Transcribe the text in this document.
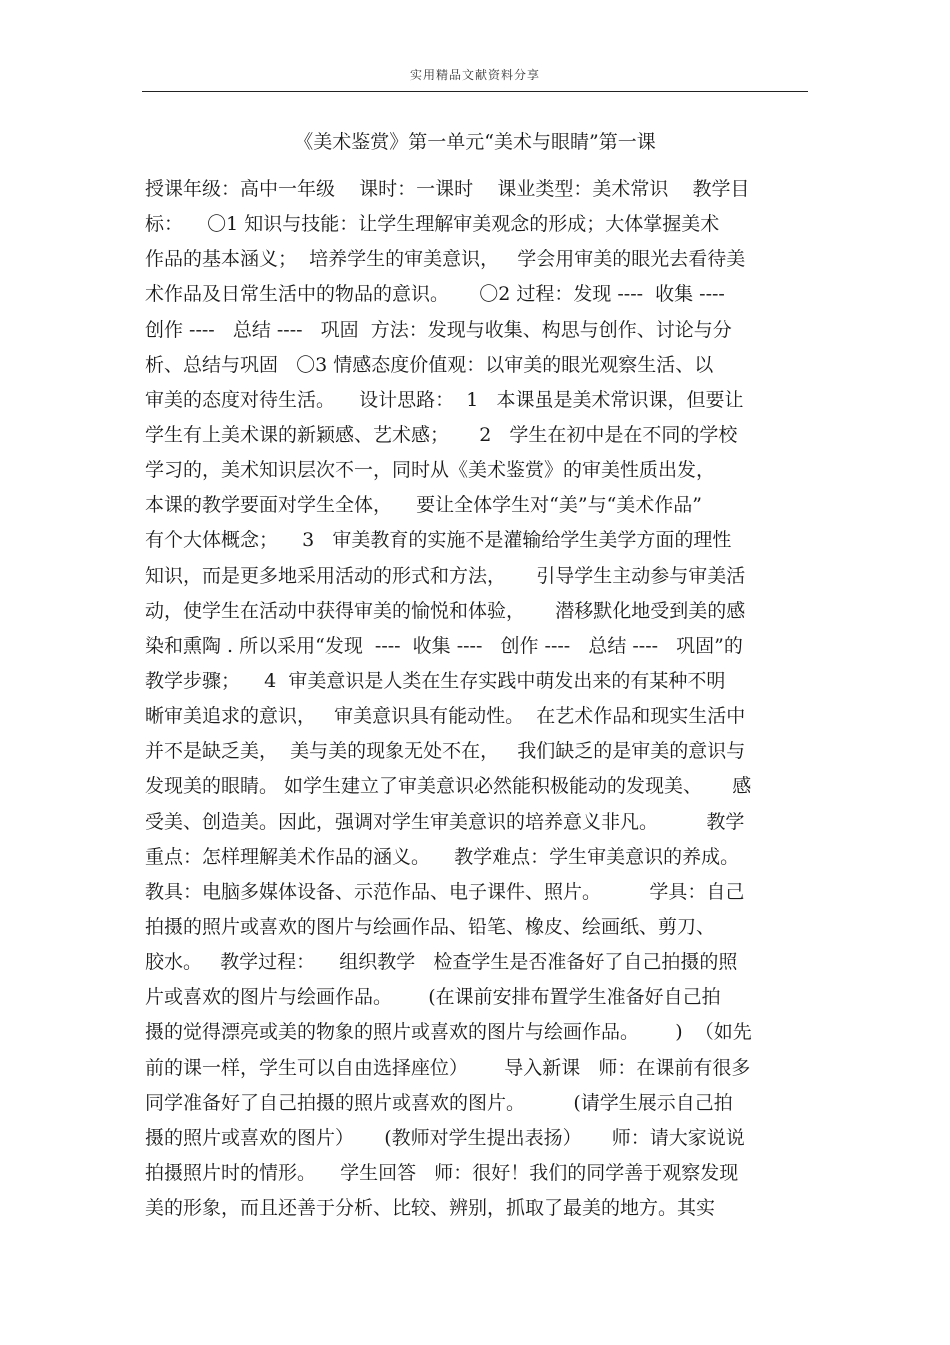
实用精品文献资料分享
《美术鉴赏》第一单元“美术与眼睛”第一课
授课年级：高中一年级    课时：一课时    课业类型：美术常识    教学目
标：    〇1 知识与技能：让学生理解审美观念的形成；大体掌握美术
作品的基本涵义；  培养学生的审美意识，   学会用审美的眼光去看待美
术作品及日常生活中的物品的意识。     〇2 过程：发现 ----  收集 ----
创作 ----   总结 ----   巩固  方法：发现与收集、构思与创作、讨论与分
析、总结与巩固   〇3 情感态度价值观：以审美的眼光观察生活、以
审美的态度对待生活。    设计思路：  1   本课虽是美术常识课，但要让
学生有上美术课的新颖感、艺术感；     2   学生在初中是在不同的学校
学习的，美术知识层次不一，同时从《美术鉴赏》的审美性质出发，
本课的教学要面对学生全体，    要让全体学生对“美”与“美术作品”
有个大体概念；    3   审美教育的实施不是灌输给学生美学方面的理性
知识，而是更多地采用活动的形式和方法，     引导学生主动参与审美活
动，使学生在活动中获得审美的愉悦和体验，     潜移默化地受到美的感
染和熏陶 . 所以采用“发现  ----  收集 ----   创作 ----   总结 ----   巩固”的
教学步骤；    4  审美意识是人类在生存实践中萌发出来的有某种不明
晰审美追求的意识，   审美意识具有能动性。  在艺术作品和现实生活中
并不是缺乏美，  美与美的现象无处不在，   我们缺乏的是审美的意识与
发现美的眼睛。 如学生建立了审美意识必然能积极能动的发现美、     感
受美、创造美。因此，强调对学生审美意识的培养意义非凡。        教学
重点：怎样理解美术作品的涵义。    教学难点：学生审美意识的养成。
教具：电脑多媒体设备、示范作品、电子课件、照片。        学具：自己
拍摄的照片或喜欢的图片与绘画作品、铅笔、橡皮、绘画纸、剪刀、
胶水。   教学过程：    组织教学   检查学生是否准备好了自己拍摄的照
片或喜欢的图片与绘画作品。      (在课前安排布置学生准备好自己拍
摄的觉得漂亮或美的物象的照片或喜欢的图片与绘画作品。      )  （如先
前的课一样，学生可以自由选择座位）      导入新课   师：在课前有很多
同学准备好了自己拍摄的照片或喜欢的图片。        (请学生展示自己拍
摄的照片或喜欢的图片）     (教师对学生提出表扬）     师：请大家说说
拍摄照片时的情形。    学生回答   师：很好！我们的同学善于观察发现
美的形象，而且还善于分析、比较、辨别，抓取了最美的地方。其实
